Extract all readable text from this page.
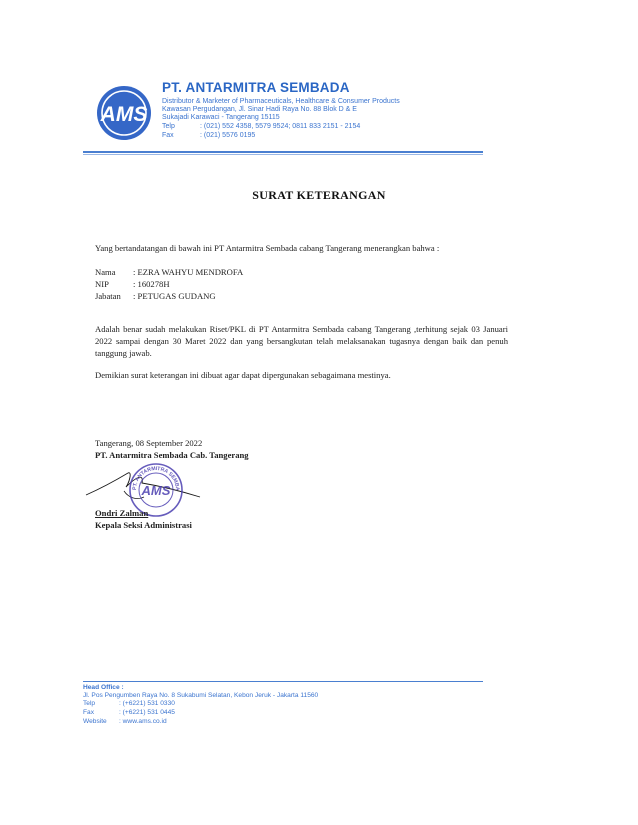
AMS
PT. ANTARMITRA SEMBADA
Distributor & Marketer of Pharmaceuticals, Healthcare & Consumer Products
Kawasan Pergudangan, Jl. Sinar Hadi Raya No. 88 Blok D & E
Sukajadi Karawaci - Tangerang 15115
Telp	: (021) 552 4358, 5579 9524; 0811 833 2151 - 2154
Fax	: (021) 5576 0195
SURAT KETERANGAN
Yang bertandatangan di bawah ini PT Antarmitra Sembada cabang Tangerang menerangkan bahwa :
Nama : EZRA WAHYU MENDROFA
NIP	: 160278H
Jabatan : PETUGAS GUDANG
Adalah benar sudah melakukan Riset/PKL di PT Antarmitra Sembada cabang Tangerang ,terhitung sejak 03 Januari 2022 sampai dengan 30 Maret 2022 dan yang bersangkutan telah melaksanakan tugasnya dengan baik dan penuh tanggung jawab.
Demikian surat keterangan ini dibuat agar dapat dipergunakan sebagaimana mestinya.
Tangerang, 08 September 2022
PT. Antarmitra Sembada Cab. Tangerang
PT. ANTARMITRA SEMBA
AMS
Ondri Zalman
Kepala Seksi Administrasi
Head Office :
Jl. Pos Pengumben Raya No. 8 Sukabumi Selatan, Kebon Jeruk - Jakarta 11560
Telp	: (+6221) 531 0330
Fax	: (+6221) 531 0445
Website : www.ams.co.id
